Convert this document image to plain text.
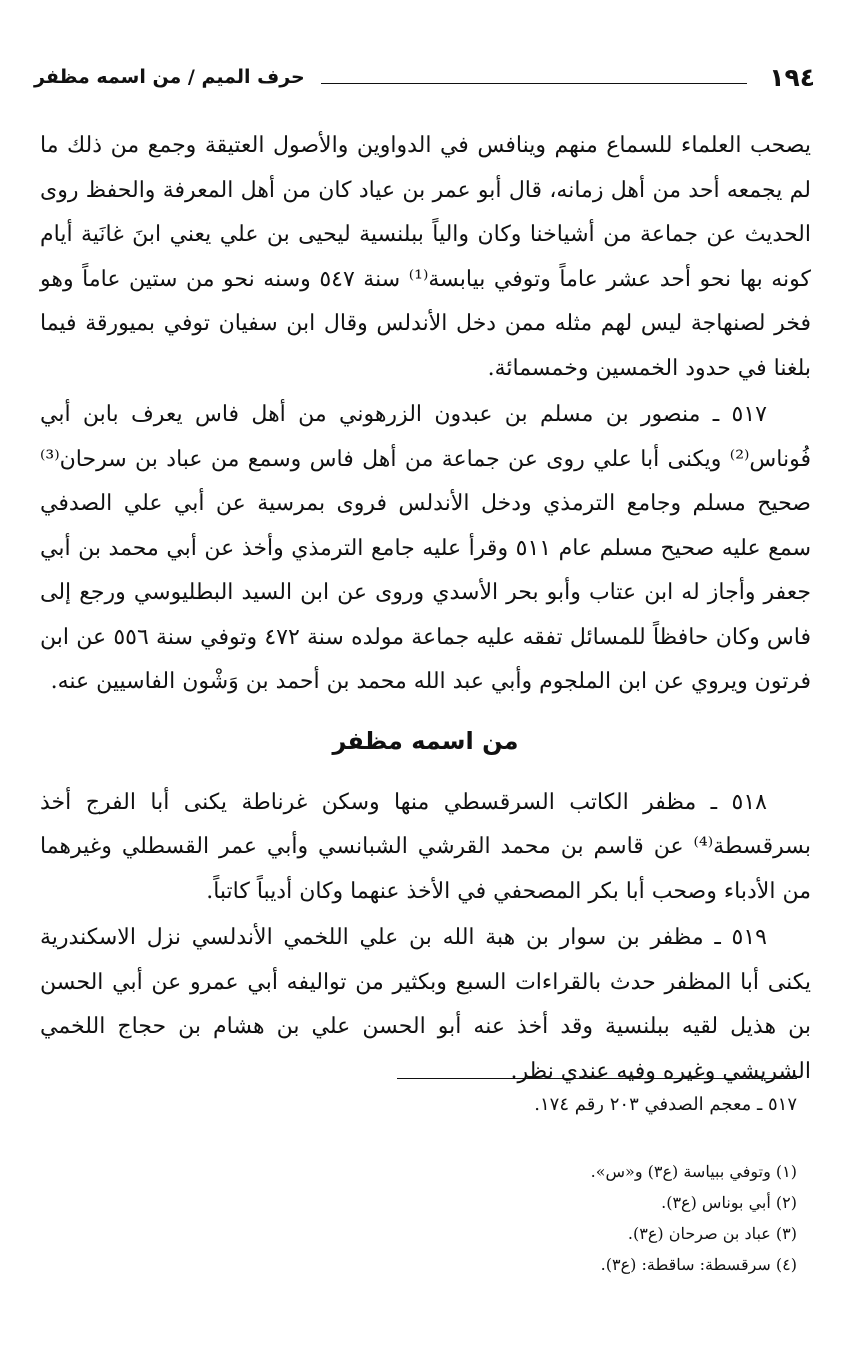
١٩٤
حرف الميم / من اسمه مظفر

يصحب العلماء للسماع منهم وينافس في الدواوين والأصول العتيقة وجمع من ذلك ما لم يجمعه أحد من أهل زمانه، قال أبو عمر بن عياد كان من أهل المعرفة والحفظ روى الحديث عن جماعة من أشياخنا وكان والياً ببلنسية ليحيى بن علي يعني ابنَ غانَية أيام كونه بها نحو أحد عشر عاماً وتوفي بيابسة⁽¹⁾ سنة ٥٤٧ وسنه نحو من ستين عاماً وهو فخر لصنهاجة ليس لهم مثله ممن دخل الأندلس وقال ابن سفيان توفي بميورقة فيما بلغنا في حدود الخمسين وخمسمائة.

٥١٧ ـ منصور بن مسلم بن عبدون الزرهوني من أهل فاس يعرف بابن أبي فُوناس⁽²⁾ ويكنى أبا علي روى عن جماعة من أهل فاس وسمع من عباد بن سرحان⁽³⁾ صحيح مسلم وجامع الترمذي ودخل الأندلس فروى بمرسية عن أبي علي الصدفي سمع عليه صحيح مسلم عام ٥١١ وقرأ عليه جامع الترمذي وأخذ عن أبي محمد بن أبي جعفر وأجاز له ابن عتاب وأبو بحر الأسدي وروى عن ابن السيد البطليوسي ورجع إلى فاس وكان حافظاً للمسائل تفقه عليه جماعة مولده سنة ٤٧٢ وتوفي سنة ٥٥٦ عن ابن فرتون ويروي عن ابن الملجوم وأبي عبد الله محمد بن أحمد بن وَشْون الفاسيين عنه.

من اسمه مظفر

٥١٨ ـ مظفر الكاتب السرقسطي منها وسكن غرناطة يكنى أبا الفرج أخذ بسرقسطة⁽⁴⁾ عن قاسم بن محمد القرشي الشبانسي وأبي عمر القسطلي وغيرهما من الأدباء وصحب أبا بكر المصحفي في الأخذ عنهما وكان أديباً كاتباً.

٥١٩ ـ مظفر بن سوار بن هبة الله بن علي اللخمي الأندلسي نزل الاسكندرية يكنى أبا المظفر حدث بالقراءات السبع وبكثير من تواليفه أبي عمرو عن أبي الحسن بن هذيل لقيه ببلنسية وقد أخذ عنه أبو الحسن علي بن هشام بن حجاج اللخمي الشريشي وغيره وفيه عندي نظر.

٥١٧ ـ معجم الصدفي ٢٠٣ رقم ١٧٤.
(١) وتوفي ببياسة (ع٣) و«س».
(٢) أبي بوناس (ع٣).
(٣) عباد بن صرحان (ع٣).
(٤) سرقسطة: ساقطة: (ع٣).
